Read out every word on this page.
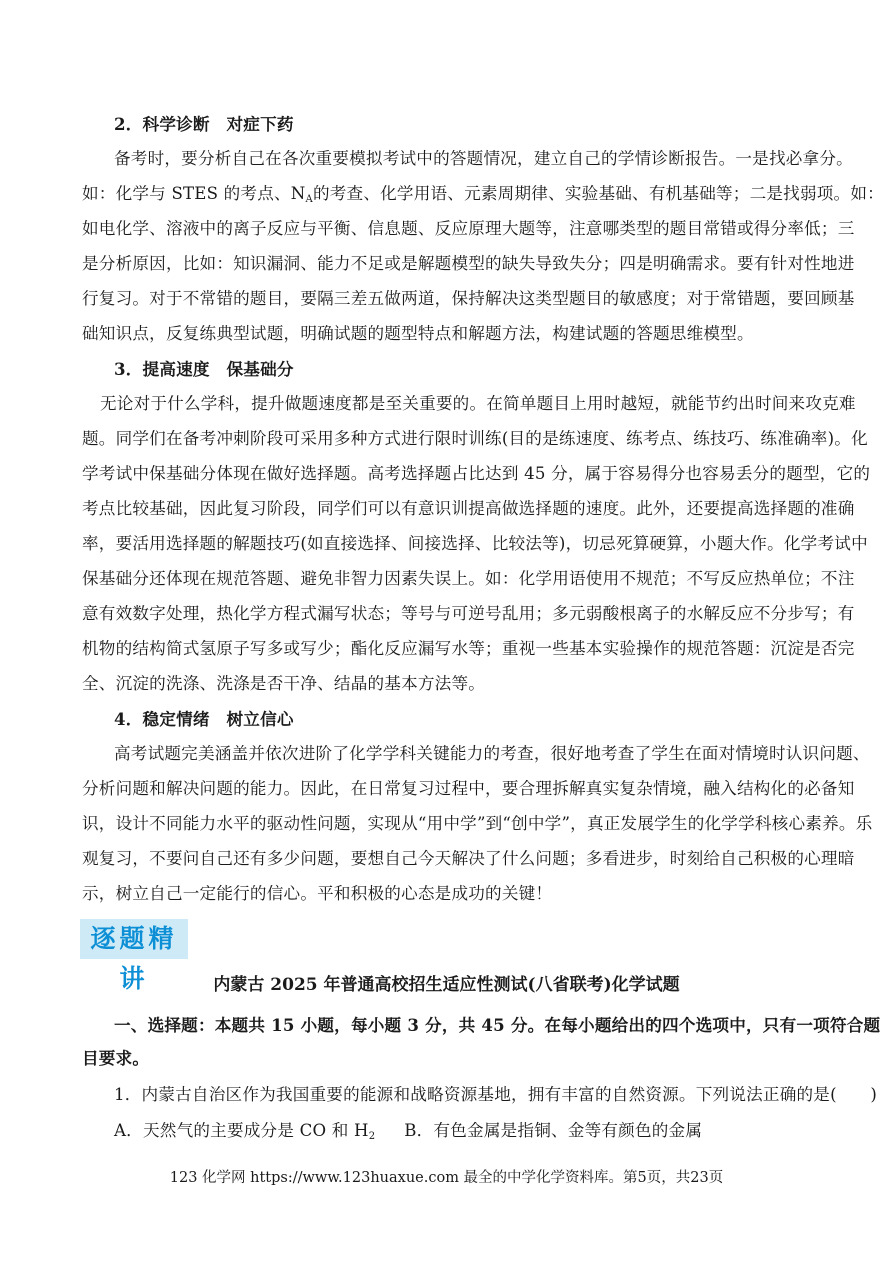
2．科学诊断　对症下药
备考时，要分析自己在各次重要模拟考试中的答题情况，建立自己的学情诊断报告。一是找必拿分。
如：化学与 STES 的考点、$N_A$的考查、化学用语、元素周期律、实验基础、有机基础等；二是找弱项。如：
如电化学、溶液中的离子反应与平衡、信息题、反应原理大题等，注意哪类型的题目常错或得分率低；三
是分析原因，比如：知识漏洞、能力不足或是解题模型的缺失导致失分；四是明确需求。要有针对性地进
行复习。对于不常错的题目，要隔三差五做两道，保持解决这类型题目的敏感度；对于常错题，要回顾基
础知识点，反复练典型试题，明确试题的题型特点和解题方法，构建试题的答题思维模型。
3．提高速度　保基础分
无论对于什么学科，提升做题速度都是至关重要的。在简单题目上用时越短，就能节约出时间来攻克难
题。同学们在备考冲刺阶段可采用多种方式进行限时训练(目的是练速度、练考点、练技巧、练准确率)。化
学考试中保基础分体现在做好选择题。高考选择题占比达到 45 分，属于容易得分也容易丢分的题型，它的
考点比较基础，因此复习阶段，同学们可以有意识训提高做选择题的速度。此外，还要提高选择题的准确
率，要活用选择题的解题技巧(如直接选择、间接选择、比较法等)，切忌死算硬算，小题大作。化学考试中
保基础分还体现在规范答题、避免非智力因素失误上。如：化学用语使用不规范；不写反应热单位；不注
意有效数字处理，热化学方程式漏写状态；等号与可逆号乱用；多元弱酸根离子的水解反应不分步写；有
机物的结构简式氢原子写多或写少；酯化反应漏写水等；重视一些基本实验操作的规范答题：沉淀是否完
全、沉淀的洗涤、洗涤是否干净、结晶的基本方法等。
4．稳定情绪　树立信心
高考试题完美涵盖并依次进阶了化学学科关键能力的考查，很好地考查了学生在面对情境时认识问题、
分析问题和解决问题的能力。因此，在日常复习过程中，要合理拆解真实复杂情境，融入结构化的必备知
识，设计不同能力水平的驱动性问题，实现从“用中学”到“创中学”，真正发展学生的化学学科核心素养。乐
观复习，不要问自己还有多少问题，要想自己今天解决了什么问题；多看进步，时刻给自己积极的心理暗
示，树立自己一定能行的信心。平和积极的心态是成功的关键！
逐题精讲	内蒙古 2025 年普通高校招生适应性测试(八省联考)化学试题
一、选择题：本题共 15 小题，每小题 3 分，共 45 分。在每小题给出的四个选项中，只有一项符合题
目要求。
1．内蒙古自治区作为我国重要的能源和战略资源基地，拥有丰富的自然资源。下列说法正确的是(　　)
A．天然气的主要成分是 CO 和 $H_2$ B．有色金属是指铜、金等有颜色的金属
123 化学网 https://www.123huaxue.com 最全的中学化学资料库。第5页，共23页
